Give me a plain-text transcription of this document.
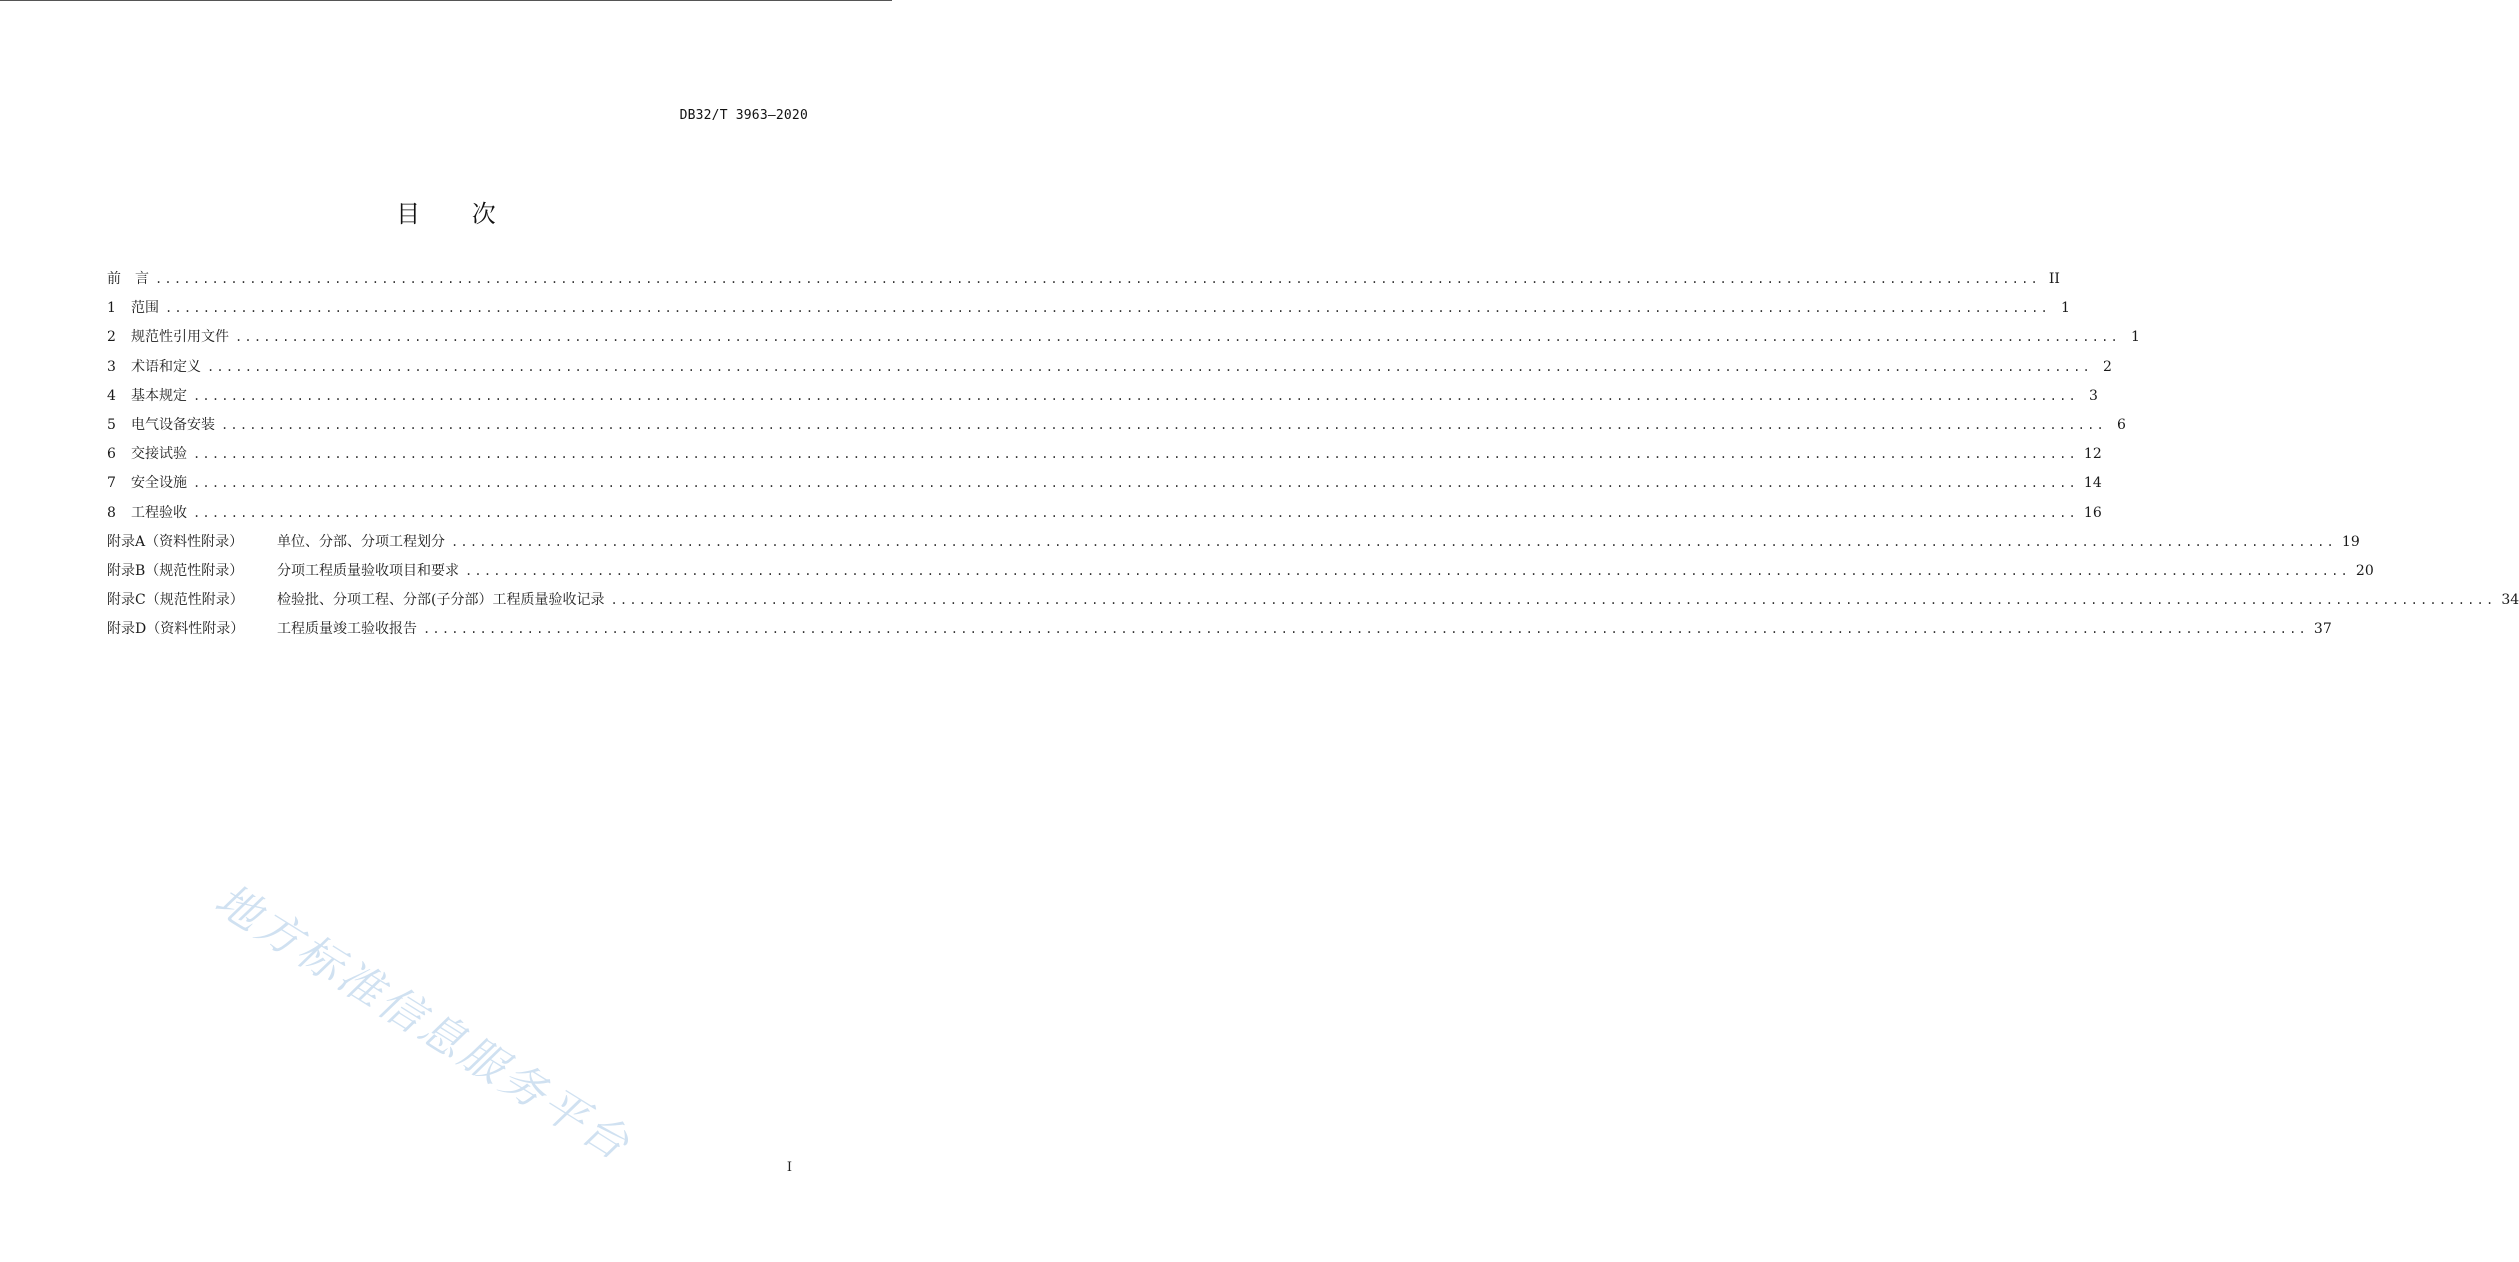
DB32/T 3963—2020
目 次
前　言 ........................................................................................................................................................................................................ II
1 范围 ........................................................................................................................................................................................................ 1
2 规范性引用文件 ........................................................................................................................................................................................................ 1
3 术语和定义 ........................................................................................................................................................................................................ 2
4 基本规定 ........................................................................................................................................................................................................ 3
5 电气设备安装 ........................................................................................................................................................................................................ 6
6 交接试验 ........................................................................................................................................................................................................ 12
7 安全设施 ........................................................................................................................................................................................................ 14
8 工程验收 ........................................................................................................................................................................................................ 16
附录A（资料性附录） 单位、分部、分项工程划分 ........................................................................................................................................................................................................ 19
附录B（规范性附录） 分项工程质量验收项目和要求 ........................................................................................................................................................................................................ 20
附录C（规范性附录） 检验批、分项工程、分部(子分部）工程质量验收记录 ........................................................................................................................................................................................................ 34
附录D（资料性附录） 工程质量竣工验收报告 ........................................................................................................................................................................................................ 37
地方标准信息服务平台	I
